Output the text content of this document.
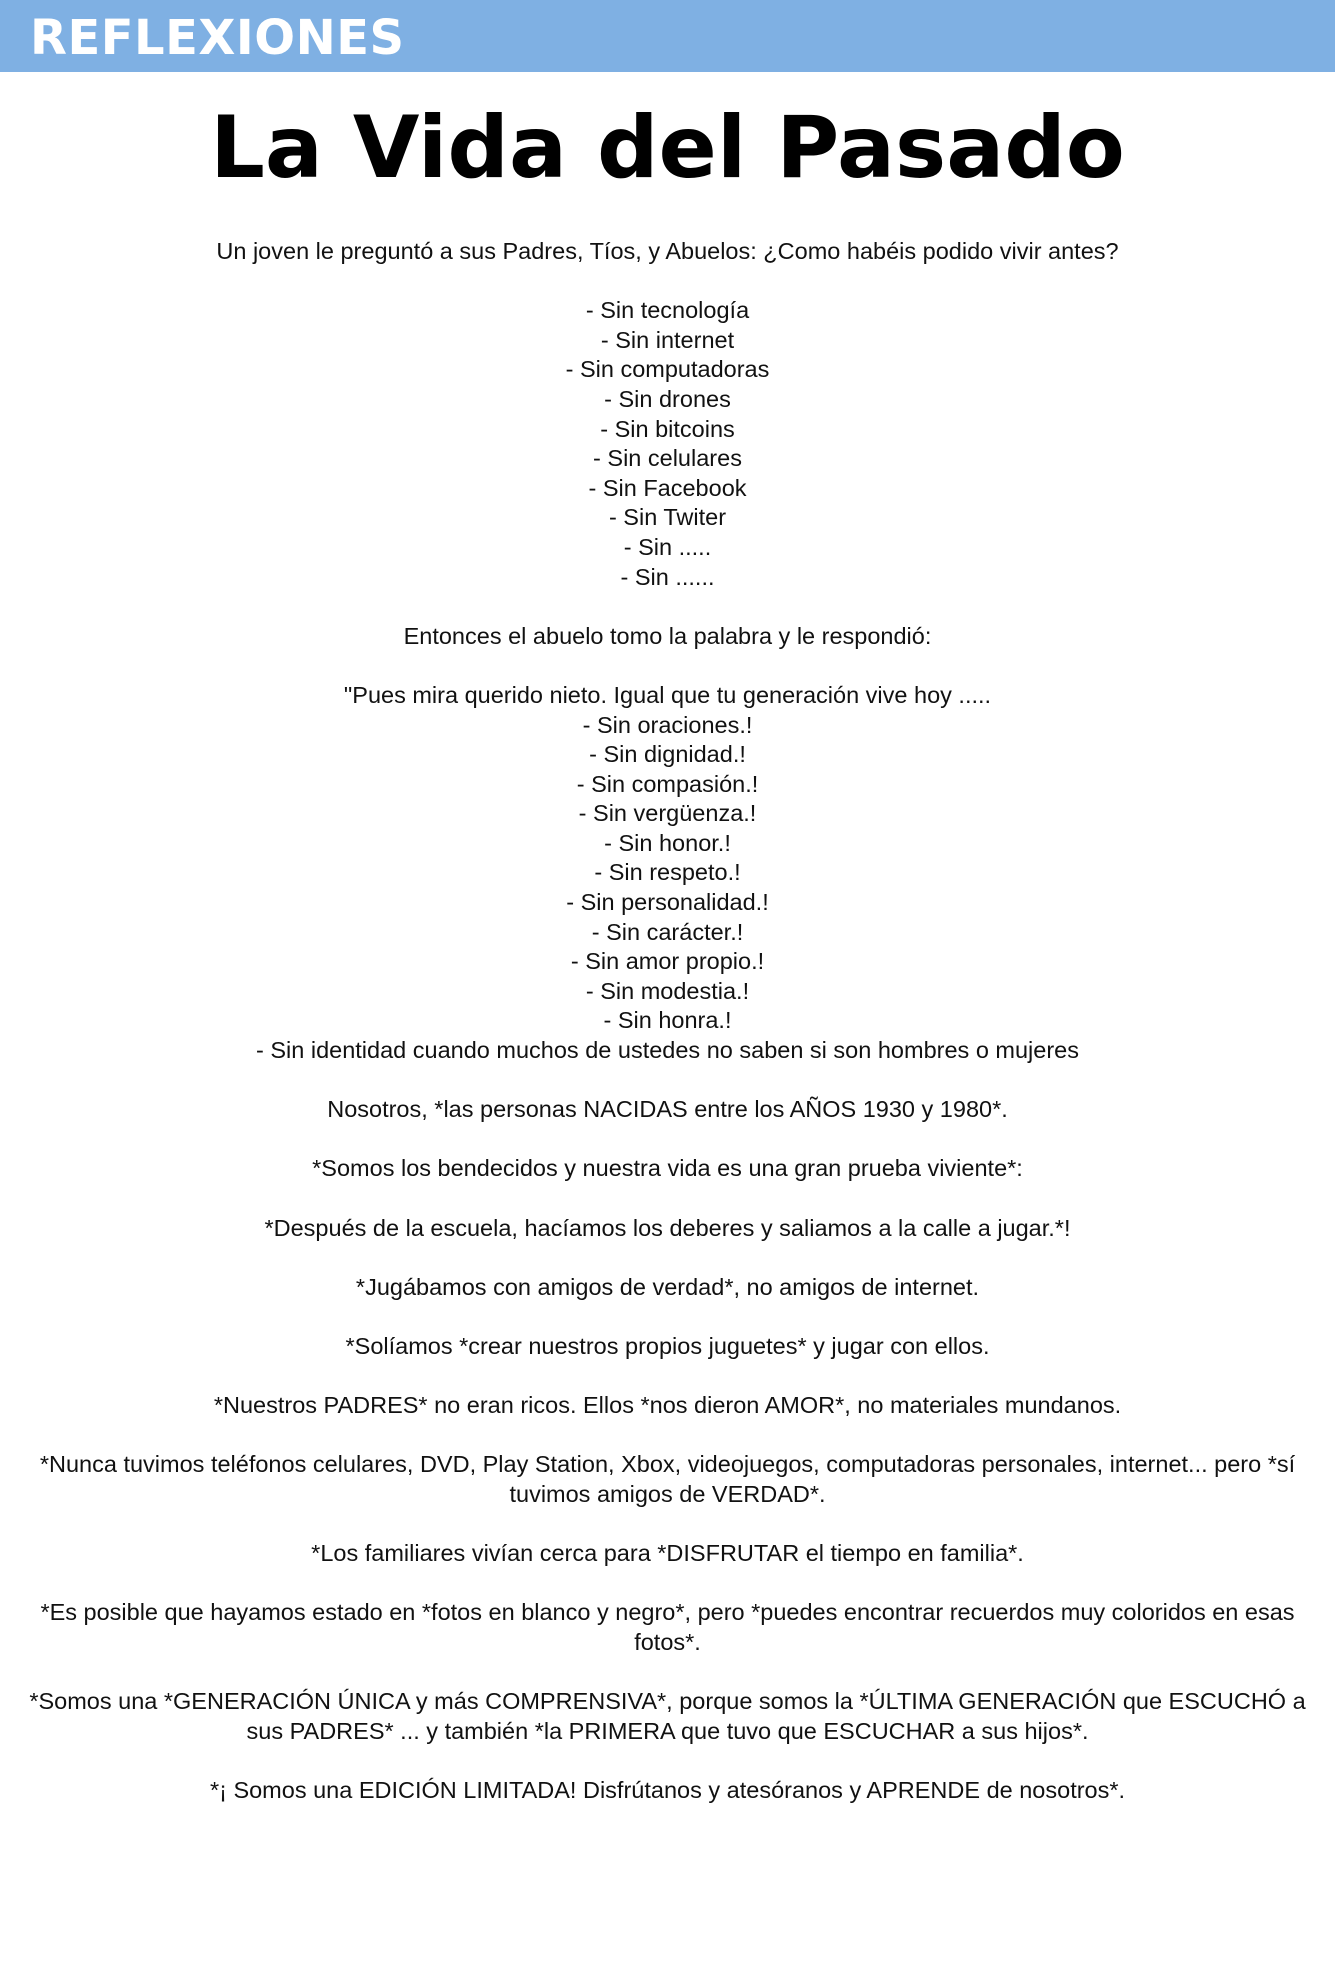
REFLEXIONES
La Vida del Pasado
Un joven le preguntó a sus Padres, Tíos, y Abuelos: ¿Como habéis podido vivir antes?
- Sin tecnología
- Sin internet
- Sin computadoras
- Sin drones
- Sin bitcoins
- Sin celulares
- Sin Facebook
- Sin Twiter
- Sin .....
- Sin ......
Entonces el abuelo tomo la palabra y le respondió:
"Pues mira querido nieto. Igual que tu generación vive hoy .....
- Sin oraciones.!
- Sin dignidad.!
- Sin compasión.!
- Sin vergüenza.!
- Sin honor.!
- Sin respeto.!
- Sin personalidad.!
- Sin carácter.!
- Sin amor propio.!
- Sin modestia.!
- Sin honra.!
- Sin identidad cuando muchos de ustedes no saben si son hombres o mujeres
Nosotros, *las personas NACIDAS entre los AÑOS 1930 y 1980*.
*Somos los bendecidos y nuestra vida es una gran prueba viviente*:
*Después de la escuela, hacíamos los deberes y saliamos a la calle a jugar.*!
*Jugábamos con amigos de verdad*, no amigos de internet.
*Solíamos *crear nuestros propios juguetes* y jugar con ellos.
*Nuestros PADRES* no eran ricos. Ellos *nos dieron AMOR*, no materiales mundanos.
*Nunca tuvimos teléfonos celulares, DVD, Play Station, Xbox, videojuegos, computadoras personales, internet... pero *sí tuvimos amigos de VERDAD*.
*Los familiares vivían cerca para *DISFRUTAR el tiempo en familia*.
*Es posible que hayamos estado en *fotos en blanco y negro*, pero *puedes encontrar recuerdos muy coloridos en esas fotos*.
*Somos una *GENERACIÓN ÚNICA y más COMPRENSIVA*, porque somos la *ÚLTIMA GENERACIÓN que ESCUCHÓ a sus PADRES* ... y también *la PRIMERA que tuvo que ESCUCHAR a sus hijos*.
*¡ Somos una EDICIÓN LIMITADA! Disfrútanos y atesóranos y APRENDE de nosotros*.
